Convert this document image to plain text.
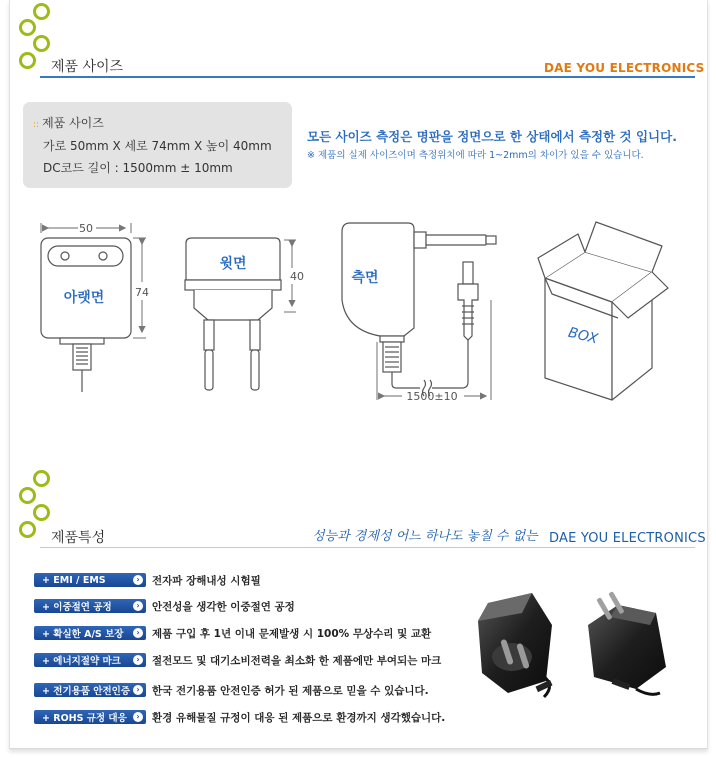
제품 사이즈	DAE YOU ELECTRONICS
:: 제품 사이즈
가로 50mm X 세로 74mm X 높이 40mm
DC코드 길이 : 1500mm ± 10mm
모든 사이즈 측정은 명판을 정면으로 한 상태에서 측정한 것 입니다.
※ 제품의 실제 사이즈이며 측정위치에 따라 1~2mm의 차이가 있을 수 있습니다.
50
74
아랫면
윗면
40	측면
1500±10
BOX
제품특성	성능과 경제성 어느 하나도 놓칠 수 없는 DAE YOU ELECTRONICS
+ EMI / EMS	›	전자파 장해내성 시험필
+ 이중절연 공정	›	안전성을 생각한 이중절연 공정
+ 확실한 A/S 보장	›	제품 구입 후 1년 이내 문제발생 시 100% 무상수리 및 교환
+ 에너지절약 마크	›	절전모드 및 대기소비전력을 최소화 한 제품에만 부여되는 마크
+ 전기용품 안전인증 ›	한국 전기용품 안전인증 허가 된 제품으로 믿을 수 있습니다.
+ ROHS 규정 대응	›	환경 유해물질 규정이 대응 된 제품으로 환경까지 생각했습니다.
